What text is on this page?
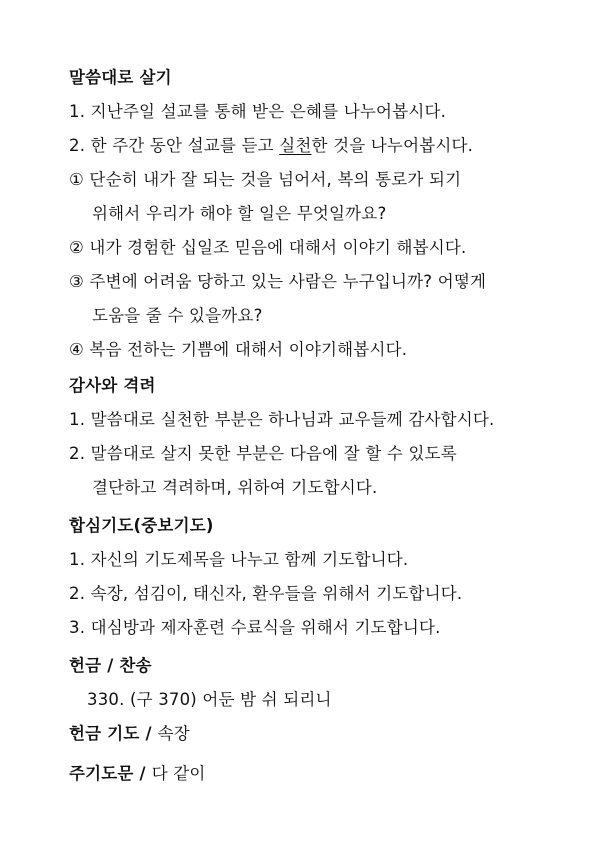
말씀대로 살기
1. 지난주일 설교를 통해 받은 은혜를 나누어봅시다.
2. 한 주간 동안 설교를 듣고 실천한 것을 나누어봅시다.
① 단순히 내가 잘 되는 것을 넘어서, 복의 통로가 되기
위해서 우리가 해야 할 일은 무엇일까요?
② 내가 경험한 십일조 믿음에 대해서 이야기 해봅시다.
③ 주변에 어려움 당하고 있는 사람은 누구입니까? 어떻게
도움을 줄 수 있을까요?
④ 복음 전하는 기쁨에 대해서 이야기해봅시다.
감사와 격려
1. 말씀대로 실천한 부분은 하나님과 교우들께 감사합시다.
2. 말씀대로 살지 못한 부분은 다음에 잘 할 수 있도록
결단하고 격려하며, 위하여 기도합시다.
합심기도(중보기도)
1. 자신의 기도제목을 나누고 함께 기도합니다.
2. 속장, 섬김이, 태신자, 환우들을 위해서 기도합니다.
3. 대심방과 제자훈련 수료식을 위해서 기도합니다.
헌금 / 찬송
330. (구 370) 어둔 밤 쉬 되리니
헌금 기도 / 속장
주기도문 / 다 같이
